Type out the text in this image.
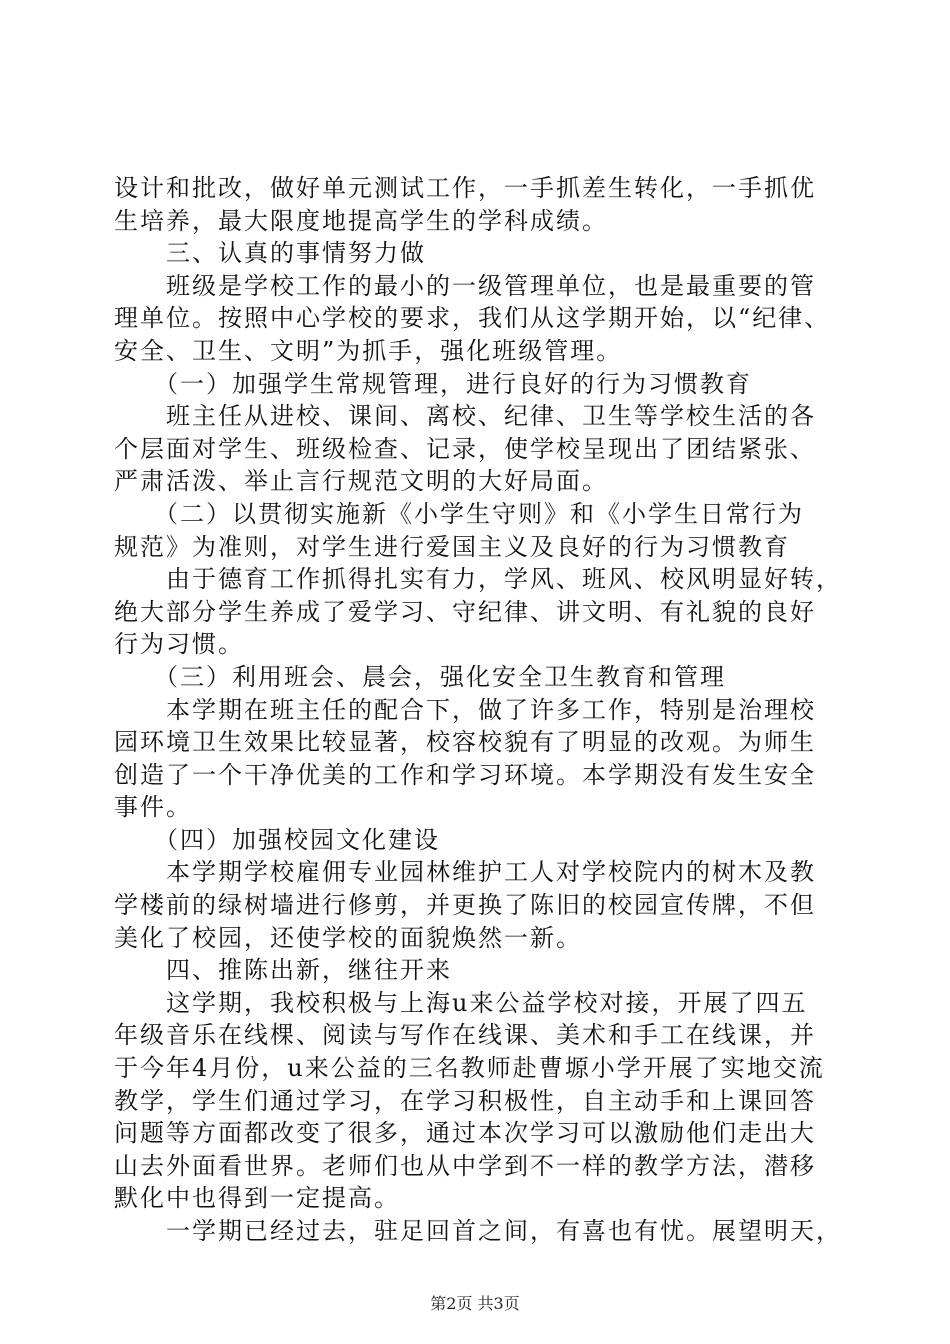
设计和批改，做好单元测试工作，一手抓差生转化，一手抓优
生培养，最大限度地提高学生的学科成绩。
　　三、认真的事情努力做
　　班级是学校工作的最小的一级管理单位，也是最重要的管
理单位。按照中心学校的要求，我们从这学期开始，以“纪律、
安全、卫生、文明”为抓手，强化班级管理。
　　（一）加强学生常规管理，进行良好的行为习惯教育
　　班主任从进校、课间、离校、纪律、卫生等学校生活的各
个层面对学生、班级检查、记录，使学校呈现出了团结紧张、
严肃活泼、举止言行规范文明的大好局面。
　　（二）以贯彻实施新《小学生守则》和《小学生日常行为
规范》为准则，对学生进行爱国主义及良好的行为习惯教育
　　由于德育工作抓得扎实有力，学风、班风、校风明显好转，
绝大部分学生养成了爱学习、守纪律、讲文明、有礼貌的良好
行为习惯。
　　（三）利用班会、晨会，强化安全卫生教育和管理
　　本学期在班主任的配合下，做了许多工作，特别是治理校
园环境卫生效果比较显著，校容校貌有了明显的改观。为师生
创造了一个干净优美的工作和学习环境。本学期没有发生安全
事件。
　　（四）加强校园文化建设
　　本学期学校雇佣专业园林维护工人对学校院内的树木及教
学楼前的绿树墙进行修剪，并更换了陈旧的校园宣传牌，不但
美化了校园，还使学校的面貌焕然一新。
　　四、推陈出新，继往开来
　　这学期，我校积极与上海u来公益学校对接，开展了四五
年级音乐在线棵、阅读与写作在线课、美术和手工在线课，并
于今年4月份，u来公益的三名教师赴曹塬小学开展了实地交流
教学，学生们通过学习，在学习积极性，自主动手和上课回答
问题等方面都改变了很多，通过本次学习可以激励他们走出大
山去外面看世界。老师们也从中学到不一样的教学方法，潜移
默化中也得到一定提高。
　　一学期已经过去，驻足回首之间，有喜也有忧。展望明天，
第2页 共3页
